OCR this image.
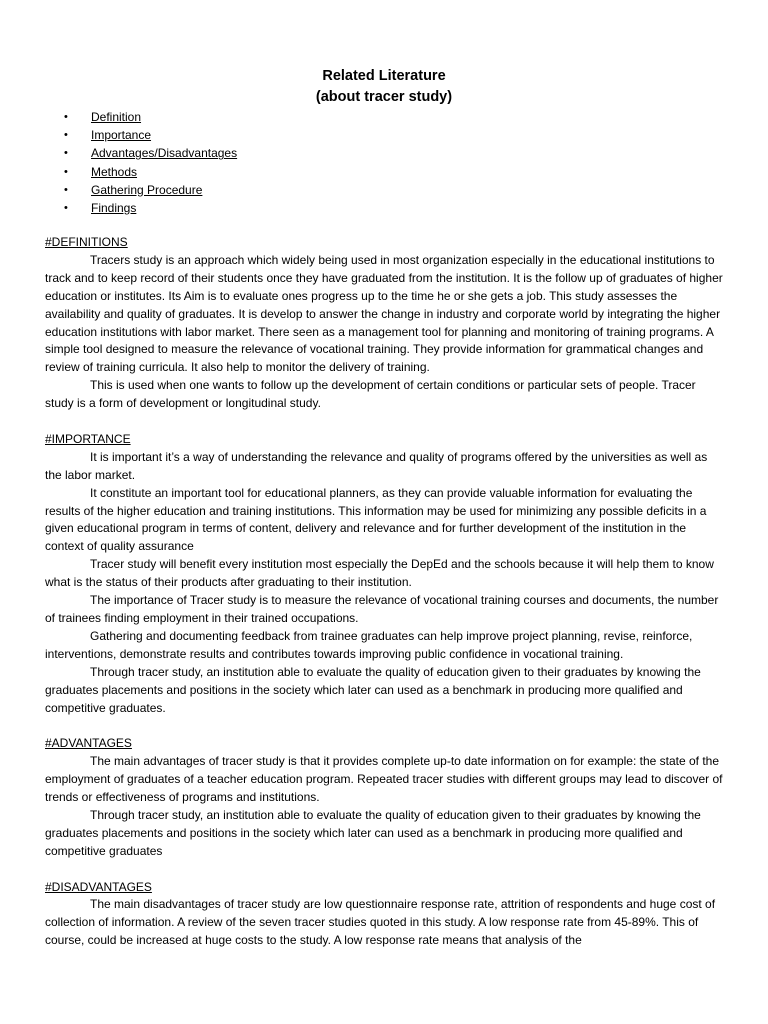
Related Literature
(about tracer study)
• Definition
• Importance
• Advantages/Disadvantages
• Methods
• Gathering Procedure
• Findings
#DEFINITIONS

Tracers study is an approach which widely being used in most organization especially in the educational institutions to track and to keep record of their students once they have graduated from the institution. It is the follow up of graduates of higher education or institutes. Its Aim is to evaluate ones progress up to the time he or she gets a job. This study assesses the availability and quality of graduates. It is develop to answer the change in industry and corporate world by integrating the higher education institutions with labor market. There seen as a management tool for planning and monitoring of training programs. A simple tool designed to measure the relevance of vocational training. They provide information for grammatical changes and review of training curricula. It also help to monitor the delivery of training.

This is used when one wants to follow up the development of certain conditions or particular sets of people. Tracer study is a form of development or longitudinal study.

#IMPORTANCE

It is important it’s a way of understanding the relevance and quality of programs offered by the universities as well as the labor market.

It constitute an important tool for educational planners, as they can provide valuable information for evaluating the results of the higher education and training institutions. This information may be used for minimizing any possible deficits in a given educational program in terms of content, delivery and relevance and for further development of the institution in the context of quality assurance

Tracer study will benefit every institution most especially the DepEd and the schools because it will help them to know what is the status of their products after graduating to their institution.

The importance of Tracer study is to measure the relevance of vocational training courses and documents, the number of trainees finding employment in their trained occupations.

Gathering and documenting feedback from trainee graduates can help improve project planning, revise, reinforce, interventions, demonstrate results and contributes towards improving public confidence in vocational training.

Through tracer study, an institution able to evaluate the quality of education given to their graduates by knowing the graduates placements and positions in the society which later can used as a benchmark in producing more qualified and competitive graduates.

#ADVANTAGES

The main advantages of tracer study is that it provides complete up-to date information on for example: the state of the employment of graduates of a teacher education program. Repeated tracer studies with different groups may lead to discover of trends or effectiveness of programs and institutions.

Through tracer study, an institution able to evaluate the quality of education given to their graduates by knowing the graduates placements and positions in the society which later can used as a benchmark in producing more qualified and competitive graduates

#DISADVANTAGES

The main disadvantages of tracer study are low questionnaire response rate, attrition of respondents and huge cost of collection of information. A review of the seven tracer studies quoted in this study. A low response rate from 45-89%. This of course, could be increased at huge costs to the study. A low response rate means that analysis of the
